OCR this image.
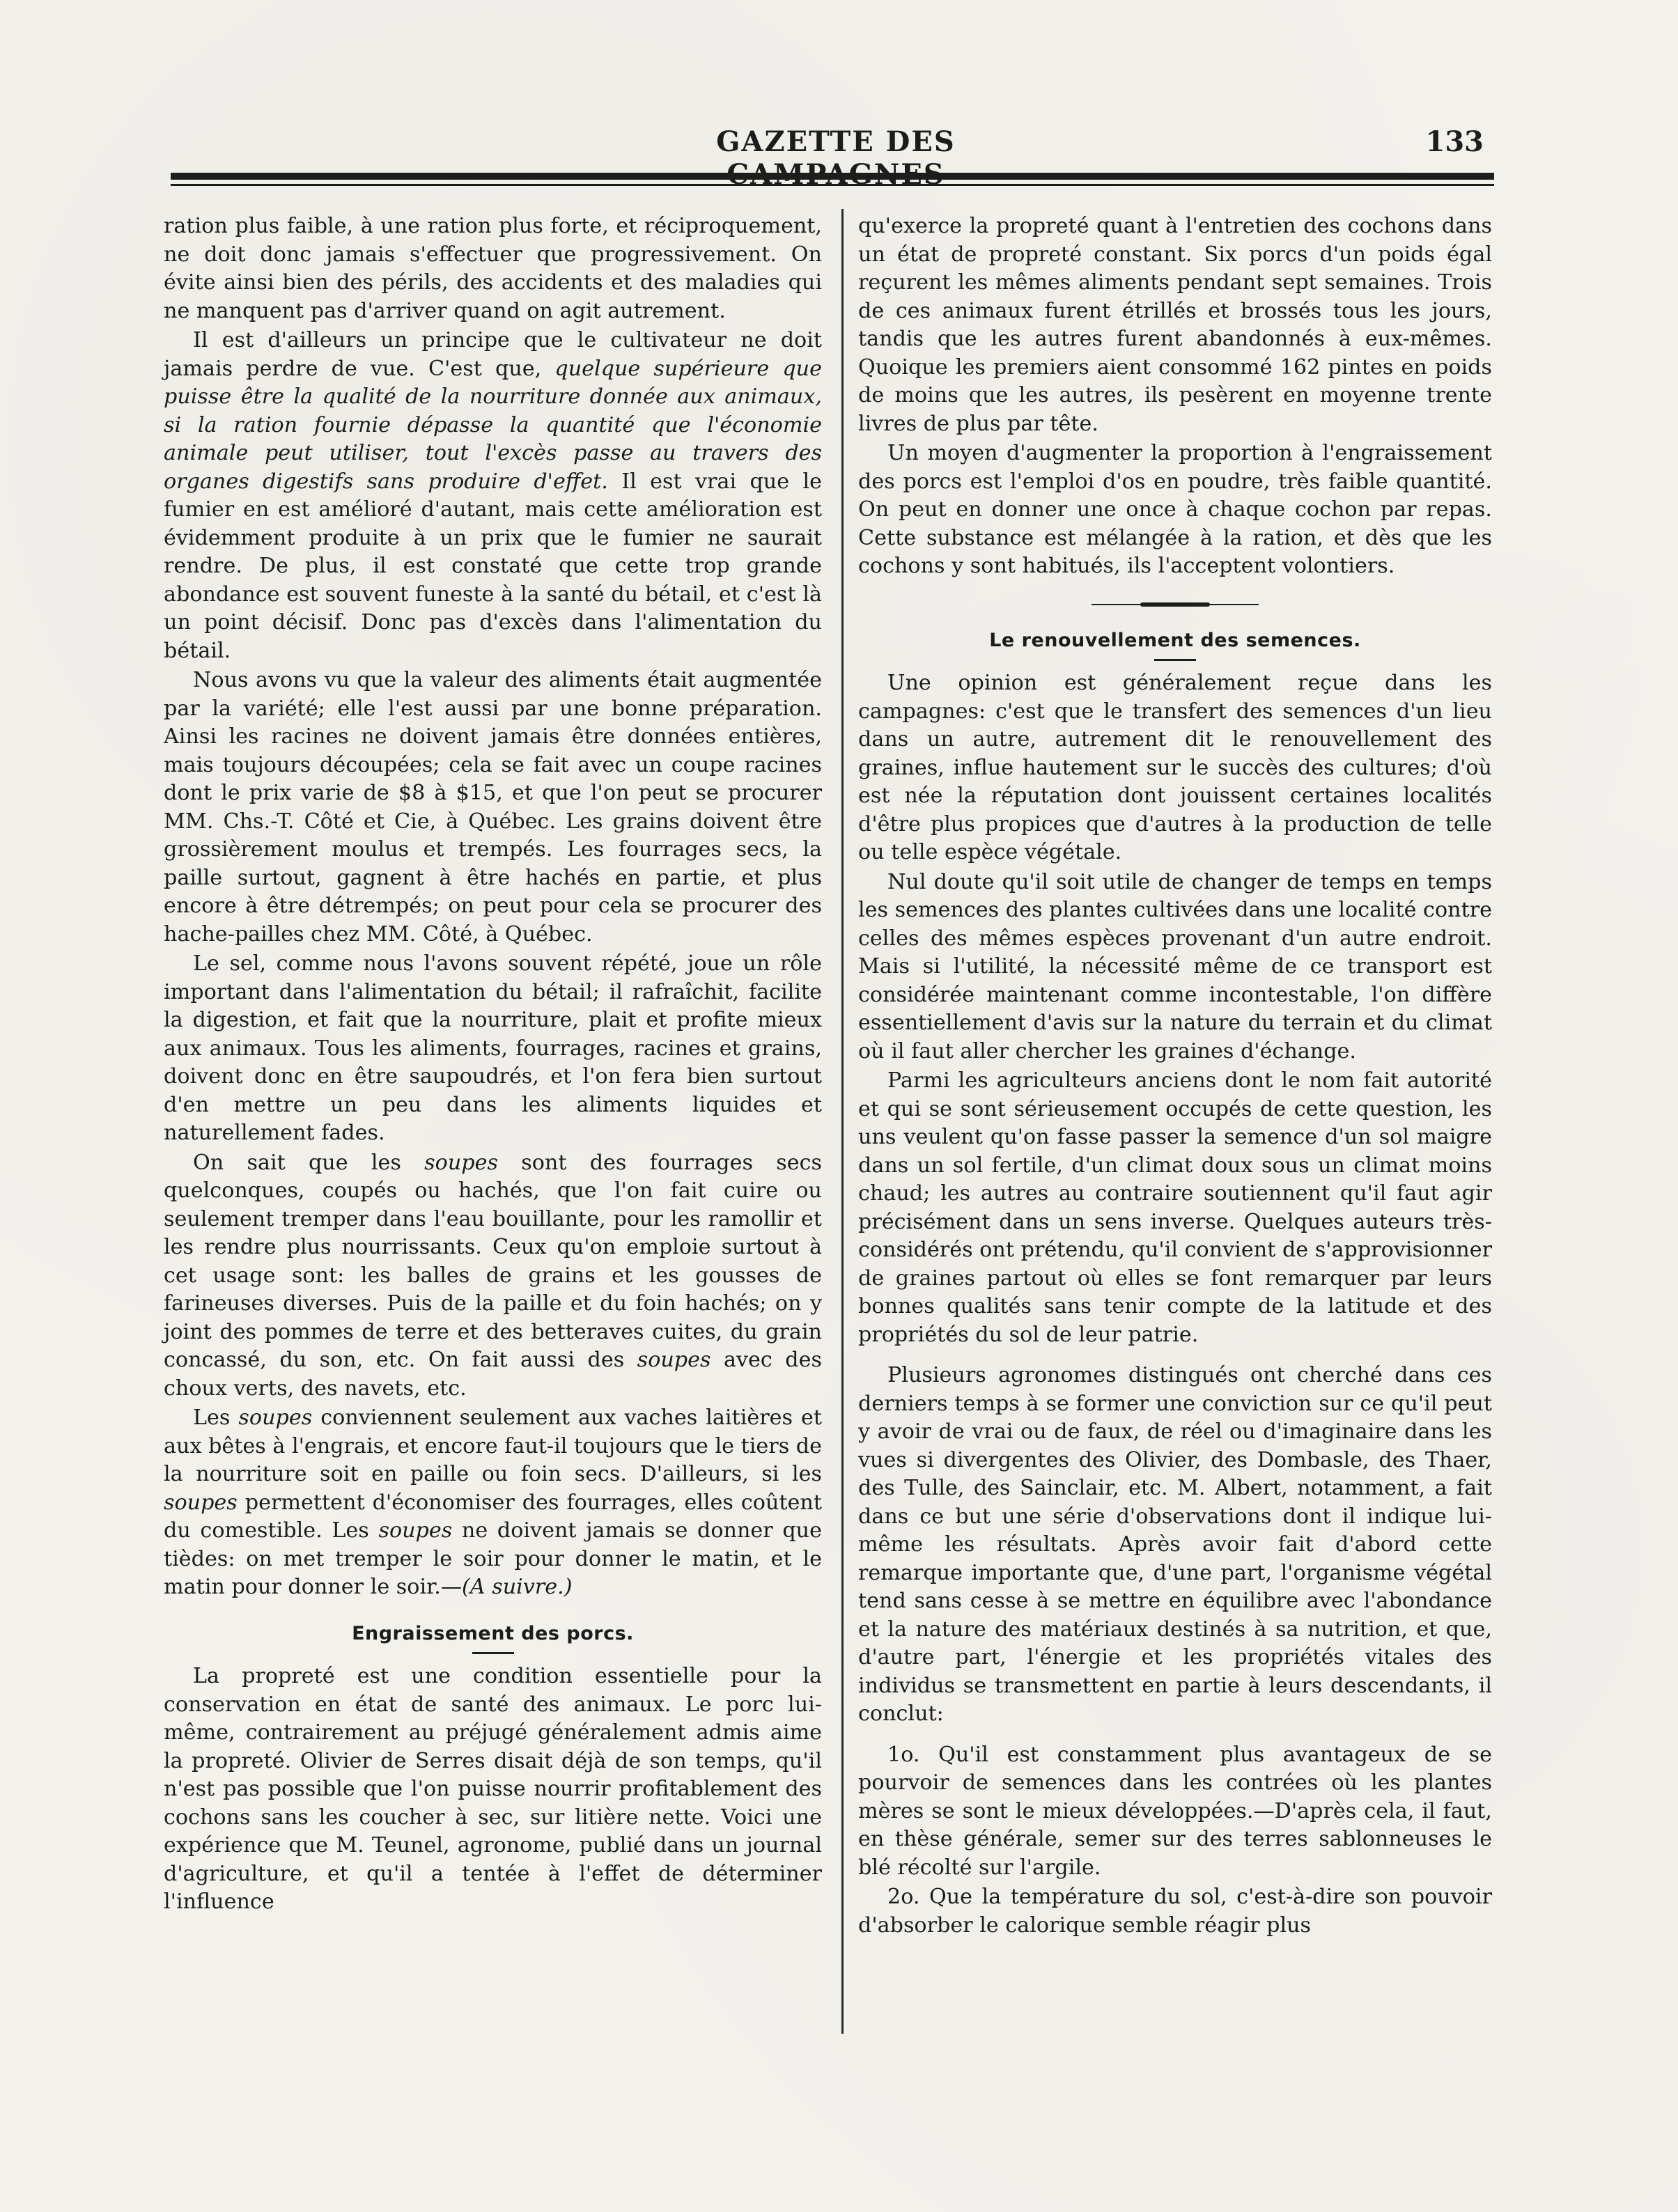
GAZETTE DES	133

ration plus faible, à une ration plus forte, et réciproquement, ne doit donc jamais s'effectuer que progressivement. On évite ainsi bien des périls, des accidents et des maladies qui ne manquent pas d'arriver quand on agit autrement.

Il est d'ailleurs un principe que le cultivateur ne doit jamais perdre de vue. C'est que, quelque supérieure que puisse être la qualité de la nourriture donnée aux animaux, si la ration fournie dépasse la quantité que l'économie animale peut utiliser, tout l'excès passe au travers des organes digestifs sans produire d'effet. Il est vrai que le fumier en est amélioré d'autant, mais cette amélioration est évidemment produite à un prix que le fumier ne saurait rendre. De plus, il est constaté que cette trop grande abondance est souvent funeste à la santé du bétail, et c'est là un point décisif. Donc pas d'excès dans l'alimentation du bétail.

Nous avons vu que la valeur des aliments était augmentée par la variété; elle l'est aussi par une bonne préparation. Ainsi les racines ne doivent jamais être données entières, mais toujours découpées; cela se fait avec un coupe racines dont le prix varie de $8 à $15, et que l'on peut se procurer MM. Chs.-T. Côté et Cie, à Québec. Les grains doivent être grossièrement moulus et trempés. Les fourrages secs, la paille surtout, gagnent à être hachés en partie, et plus encore à être détrempés; on peut pour cela se procurer des hache-pailles chez MM. Côté, à Québec.

Le sel, comme nous l'avons souvent répété, joue un rôle important dans l'alimentation du bétail; il rafraîchit, facilite la digestion, et fait que la nourriture, plait et profite mieux aux animaux. Tous les aliments, fourrages, racines et grains, doivent donc en être saupoudrés, et l'on fera bien surtout d'en mettre un peu dans les aliments liquides et naturellement fades.

On sait que les soupes sont des fourrages secs quelconques, coupés ou hachés, que l'on fait cuire ou seulement tremper dans l'eau bouillante, pour les ramollir et les rendre plus nourrissants. Ceux qu'on emploie surtout à cet usage sont: les balles de grains et les gousses de farineuses diverses. Puis de la paille et du foin hachés; on y joint des pommes de terre et des betteraves cuites, du grain concassé, du son, etc. On fait aussi des soupes avec des choux verts, des navets, etc.

Les soupes conviennent seulement aux vaches laitières et aux bêtes à l'engrais, et encore faut-il toujours que le tiers de la nourriture soit en paille ou foin secs. D'ailleurs, si les soupes permettent d'économiser des fourrages, elles coûtent du comestible. Les soupes ne doivent jamais se donner que tièdes: on met tremper le soir pour donner le matin, et le matin pour donner le soir.—(A suivre.)

Engraissement des porcs.

La propreté est une condition essentielle pour la conservation en état de santé des animaux. Le porc lui-même, contrairement au préjugé généralement admis aime la propreté. Olivier de Serres disait déjà de son temps, qu'il n'est pas possible que l'on puisse nourrir profitablement des cochons sans les coucher à sec, sur litière nette. Voici une expérience que M. Teunel, agronome, publié dans un journal d'agriculture, et qu'il a tentée à l'effet de déterminer l'influence

qu'exerce la propreté quant à l'entretien des cochons dans un état de propreté constant. Six porcs d'un poids égal reçurent les mêmes aliments pendant sept semaines. Trois de ces animaux furent étrillés et brossés tous les jours, tandis que les autres furent abandonnés à eux-mêmes. Quoique les premiers aient consommé 162 pintes en poids de moins que les autres, ils pesèrent en moyenne trente livres de plus par tête.

Un moyen d'augmenter la proportion à l'engraissement des porcs est l'emploi d'os en poudre, très faible quantité. On peut en donner une once à chaque cochon par repas. Cette substance est mélangée à la ration, et dès que les cochons y sont habitués, ils l'acceptent volontiers.

Le renouvellement des semences.

Une opinion est généralement reçue dans les campagnes: c'est que le transfert des semences d'un lieu dans un autre, autrement dit le renouvellement des graines, influe hautement sur le succès des cultures; d'où est née la réputation dont jouissent certaines localités d'être plus propices que d'autres à la production de telle ou telle espèce végétale.

Nul doute qu'il soit utile de changer de temps en temps les semences des plantes cultivées dans une localité contre celles des mêmes espèces provenant d'un autre endroit. Mais si l'utilité, la nécessité même de ce transport est considérée maintenant comme incontestable, l'on diffère essentiellement d'avis sur la nature du terrain et du climat où il faut aller chercher les graines d'échange.

Parmi les agriculteurs anciens dont le nom fait autorité et qui se sont sérieusement occupés de cette question, les uns veulent qu'on fasse passer la semence d'un sol maigre dans un sol fertile, d'un climat doux sous un climat moins chaud; les autres au contraire soutiennent qu'il faut agir précisément dans un sens inverse. Quelques auteurs très-considérés ont prétendu, qu'il convient de s'approvisionner de graines partout où elles se font remarquer par leurs bonnes qualités sans tenir compte de la latitude et des propriétés du sol de leur patrie.

Plusieurs agronomes distingués ont cherché dans ces derniers temps à se former une conviction sur ce qu'il peut y avoir de vrai ou de faux, de réel ou d'imaginaire dans les vues si divergentes des Olivier, des Dombasle, des Thaer, des Tulle, des Sainclair, etc. M. Albert, notamment, a fait dans ce but une série d'observations dont il indique lui-même les résultats. Après avoir fait d'abord cette remarque importante que, d'une part, l'organisme végétal tend sans cesse à se mettre en équilibre avec l'abondance et la nature des matériaux destinés à sa nutrition, et que, d'autre part, l'énergie et les propriétés vitales des individus se transmettent en partie à leurs descendants, il conclut:

1o. Qu'il est constamment plus avantageux de se pourvoir de semences dans les contrées où les plantes mères se sont le mieux développées.—D'après cela, il faut, en thèse générale, semer sur des terres sablonneuses le blé récolté sur l'argile.

2o. Que la température du sol, c'est-à-dire son pouvoir d'absorber le calorique semble réagir plus
